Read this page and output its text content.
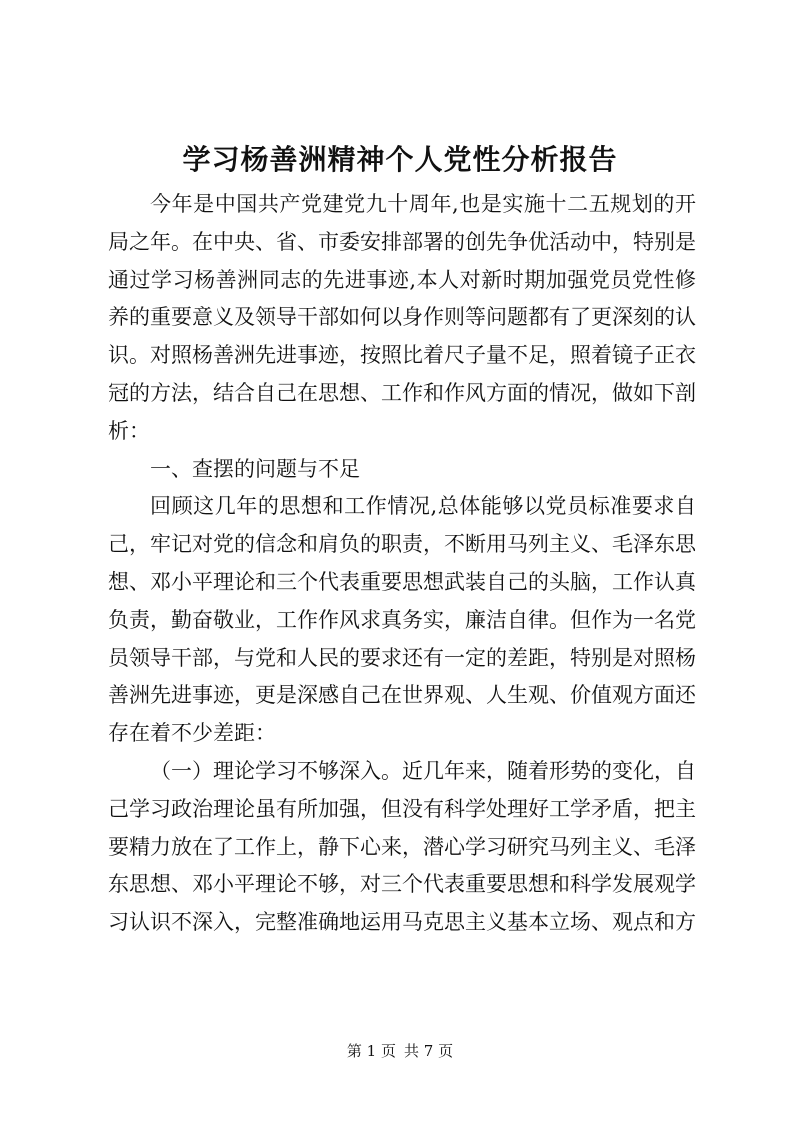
学习杨善洲精神个人党性分析报告

今年是中国共产党建党九十周年,也是实施十二五规划的开局之年。在中央、省、市委安排部署的创先争优活动中，特别是通过学习杨善洲同志的先进事迹,本人对新时期加强党员党性修养的重要意义及领导干部如何以身作则等问题都有了更深刻的认识。对照杨善洲先进事迹，按照比着尺子量不足，照着镜子正衣冠的方法，结合自己在思想、工作和作风方面的情况，做如下剖析：

一、查摆的问题与不足

回顾这几年的思想和工作情况,总体能够以党员标准要求自己，牢记对党的信念和肩负的职责，不断用马列主义、毛泽东思想、邓小平理论和三个代表重要思想武装自己的头脑，工作认真负责，勤奋敬业，工作作风求真务实，廉洁自律。但作为一名党员领导干部，与党和人民的要求还有一定的差距，特别是对照杨善洲先进事迹，更是深感自己在世界观、人生观、价值观方面还存在着不少差距：

（一）理论学习不够深入。近几年来，随着形势的变化，自己学习政治理论虽有所加强，但没有科学处理好工学矛盾，把主要精力放在了工作上，静下心来，潜心学习研究马列主义、毛泽东思想、邓小平理论不够，对三个代表重要思想和科学发展观学习认识不深入，完整准确地运用马克思主义基本立场、观点和方

第 1 页 共 7 页
